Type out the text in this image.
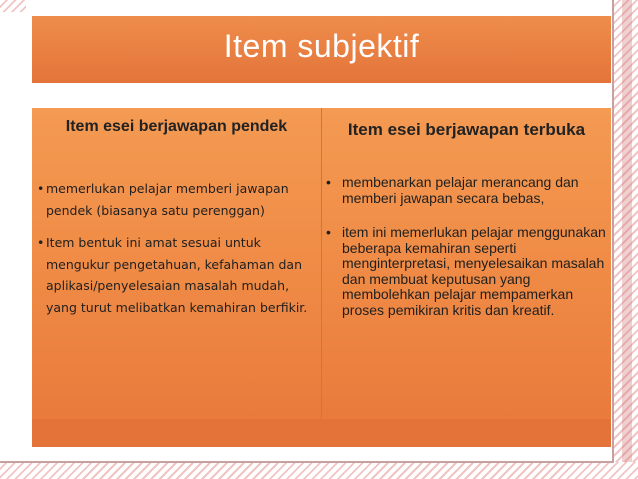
Item subjektif
Item esei berjawapan pendek
• memerlukan pelajar memberi jawapan pendek (biasanya satu perenggan)
• Item bentuk ini amat sesuai untuk mengukur pengetahuan, kefahaman dan aplikasi/penyelesaian masalah mudah, yang turut melibatkan kemahiran berfikir.
Item esei berjawapan terbuka
• membenarkan pelajar merancang dan memberi jawapan secara bebas,
• item ini memerlukan pelajar menggunakan beberapa kemahiran seperti menginterpretasi, menyelesaikan masalah dan membuat keputusan yang membolehkan pelajar mempamerkan proses pemikiran kritis dan kreatif.
